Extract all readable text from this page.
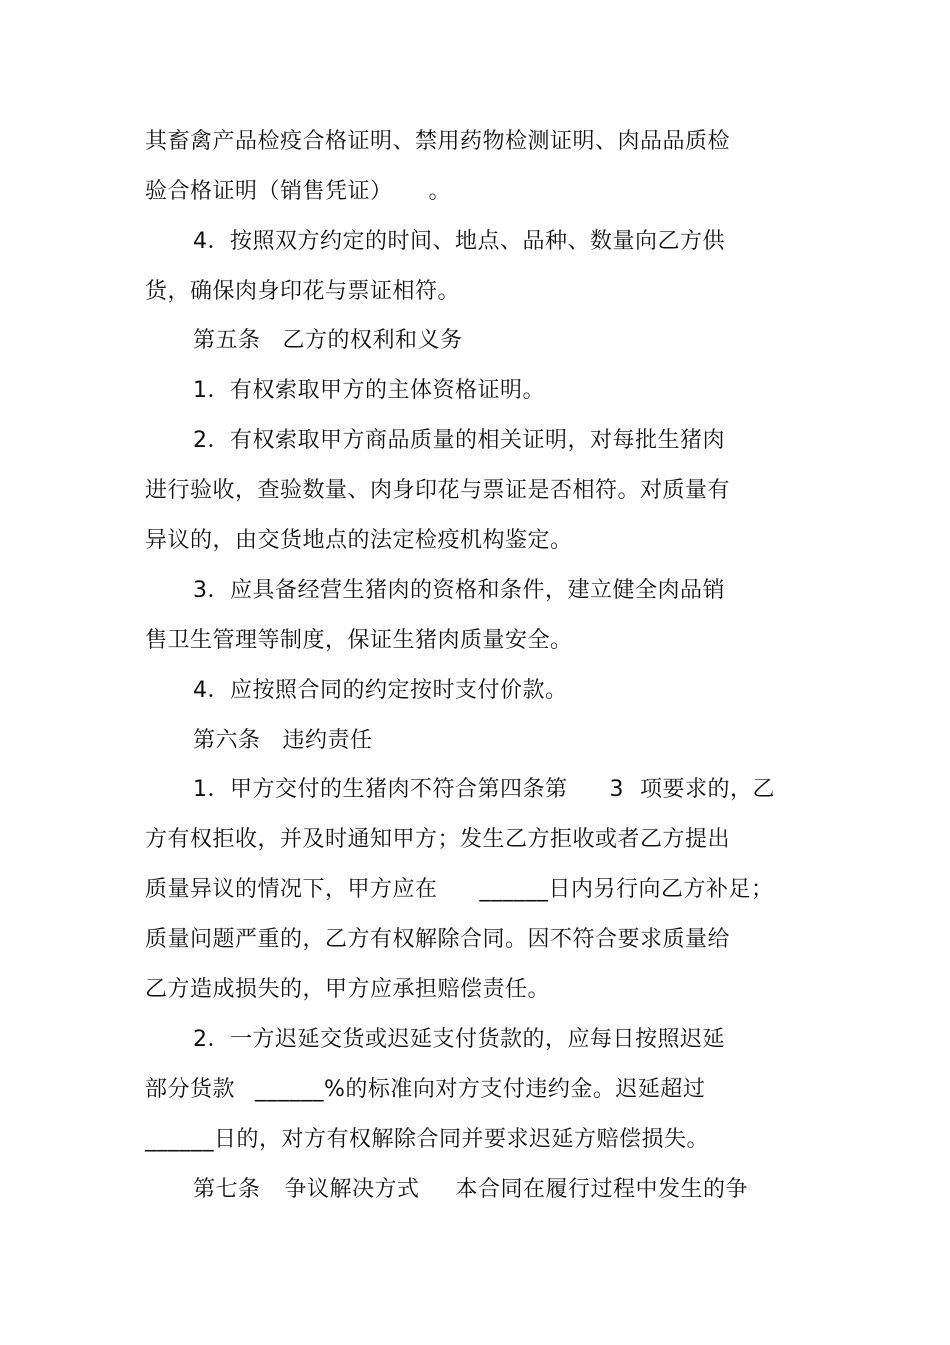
其畜禽产品检疫合格证明、禁用药物检测证明、肉品品质检
验合格证明（销售凭证） 。
4．按照双方约定的时间、地点、品种、数量向乙方供
货，确保肉身印花与票证相符。
第五条 乙方的权利和义务
1．有权索取甲方的主体资格证明。
2．有权索取甲方商品质量的相关证明，对每批生猪肉
进行验收，查验数量、肉身印花与票证是否相符。对质量有
异议的，由交货地点的法定检疫机构鉴定。
3．应具备经营生猪肉的资格和条件，建立健全肉品销
售卫生管理等制度，保证生猪肉质量安全。
4．应按照合同的约定按时支付价款。
第六条 违约责任
1．甲方交付的生猪肉不符合第四条第 3 项要求的，乙
方有权拒收，并及时通知甲方；发生乙方拒收或者乙方提出
质量异议的情况下，甲方应在 ______日内另行向乙方补足；
质量问题严重的，乙方有权解除合同。因不符合要求质量给
乙方造成损失的，甲方应承担赔偿责任。
2．一方迟延交货或迟延支付货款的，应每日按照迟延
部分货款 ______%的标准向对方支付违约金。迟延超过
______日的，对方有权解除合同并要求迟延方赔偿损失。
第七条 争议解决方式 本合同在履行过程中发生的争
